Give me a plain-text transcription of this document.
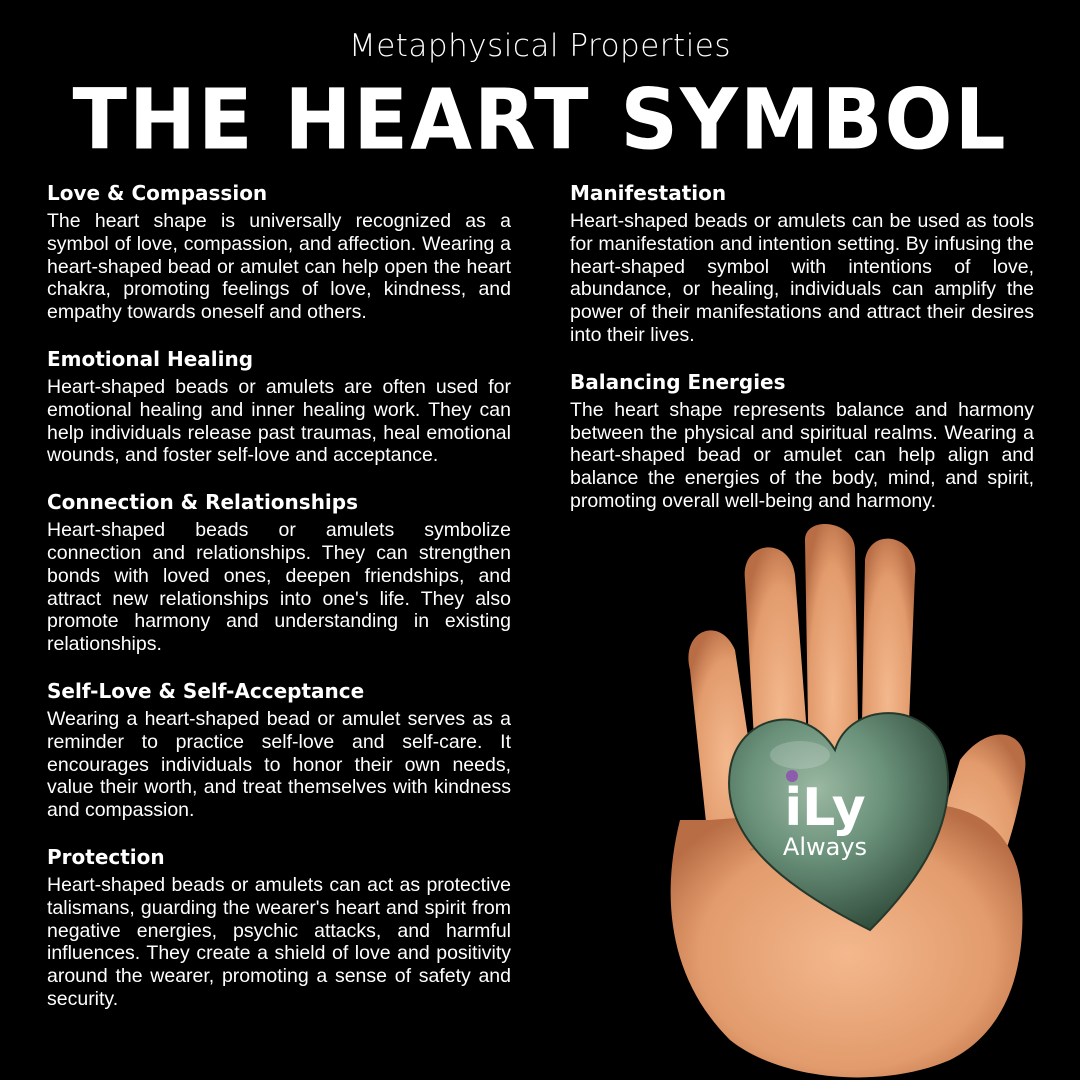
Metaphysical Properties
THE HEART SYMBOL
Love & Compassion

The heart shape is universally recognized as a symbol of love, compassion, and affection. Wearing a heart-shaped bead or amulet can help open the heart chakra, promoting feelings of love, kindness, and empathy towards oneself and others.

Emotional Healing

Heart-shaped beads or amulets are often used for emotional healing and inner healing work. They can help individuals release past traumas, heal emotional wounds, and foster self-love and acceptance.

Connection & Relationships

Heart-shaped beads or amulets symbolize connection and relationships. They can strengthen bonds with loved ones, deepen friendships, and attract new relationships into one's life. They also promote harmony and understanding in existing relationships.

Self-Love & Self-Acceptance

Wearing a heart-shaped bead or amulet serves as a reminder to practice self-love and self-care. It encourages individuals to honor their own needs, value their worth, and treat themselves with kindness and compassion.

Protection

Heart-shaped beads or amulets can act as protective talismans, guarding the wearer's heart and spirit from negative energies, psychic attacks, and harmful influences. They create a shield of love and positivity around the wearer, promoting a sense of safety and security.

Manifestation

Heart-shaped beads or amulets can be used as tools for manifestation and intention setting. By infusing the heart-shaped symbol with intentions of love, abundance, or healing, individuals can amplify the power of their manifestations and attract their desires into their lives.

Balancing Energies

The heart shape represents balance and harmony between the physical and spiritual realms. Wearing a heart-shaped bead or amulet can help align and balance the energies of the body, mind, and spirit, promoting overall well-being and harmony.

iLy
Always
